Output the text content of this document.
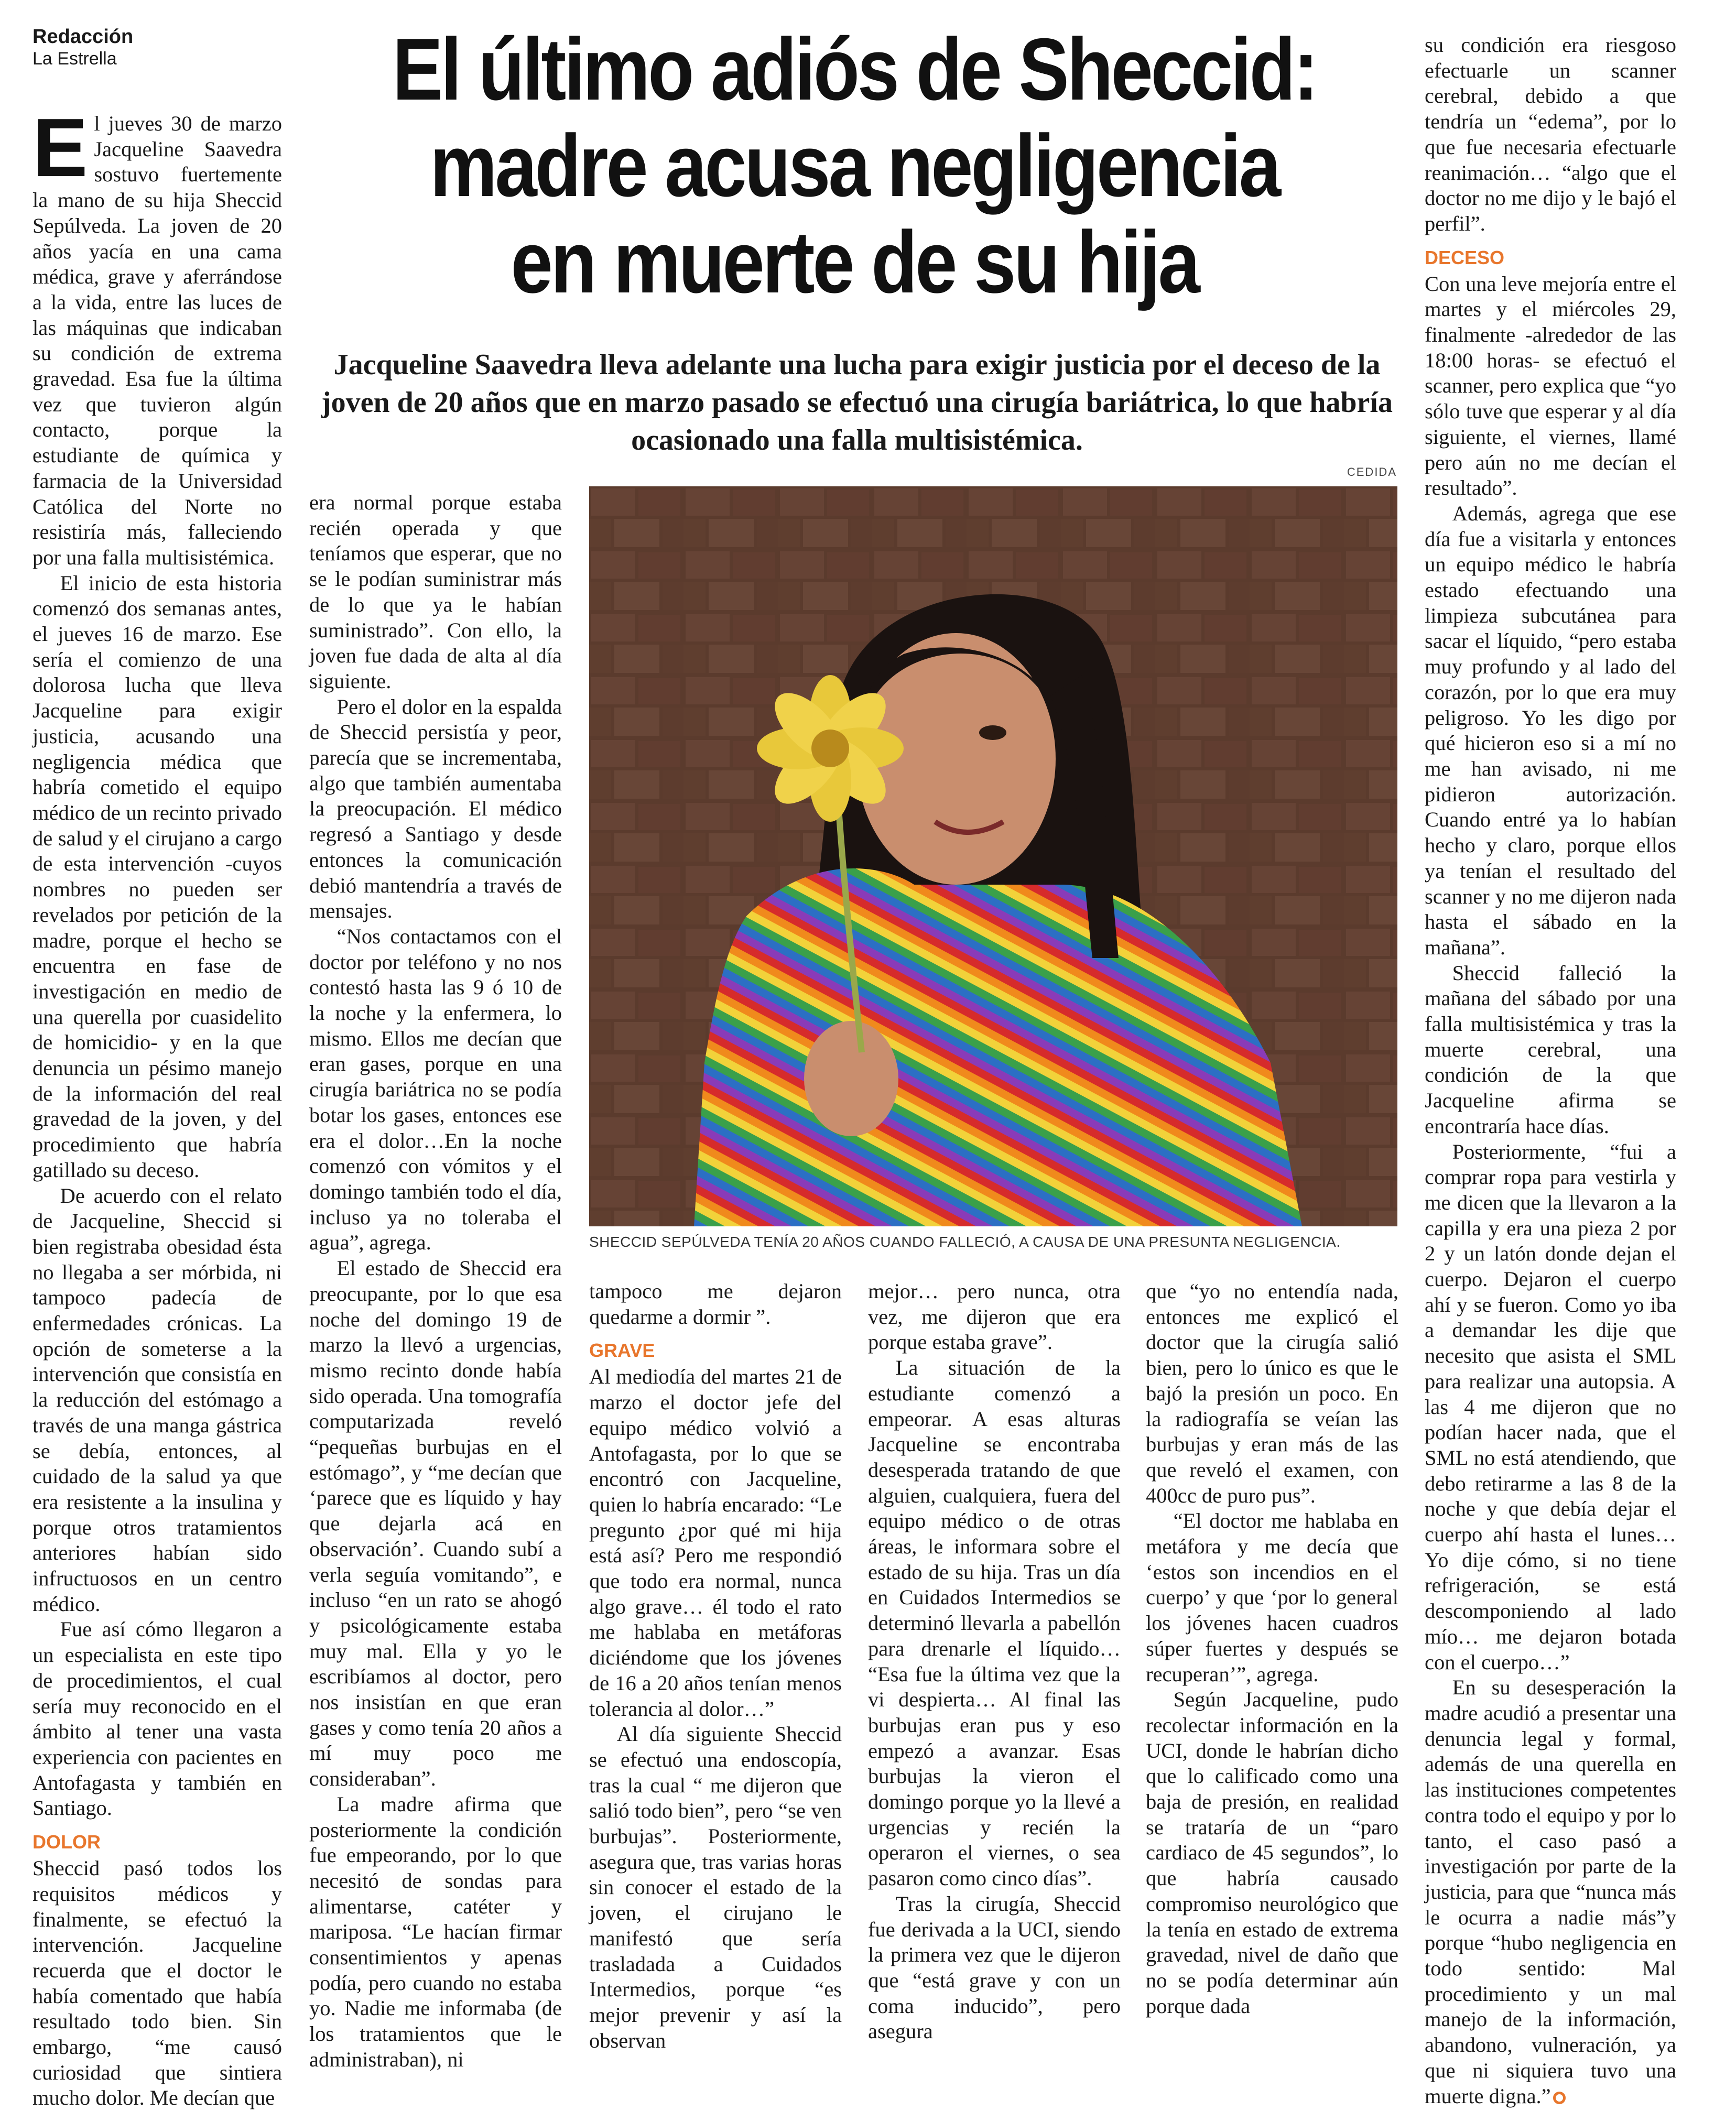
Redacción
La Estrella	El último adiós de Sheccid:
madre acusa negligencia
en muerte de su hija

Jacqueline Saavedra lleva adelante una lucha para exigir justicia por el deceso de la joven de 20 años que en marzo pasado se efectuó una cirugía bariátrica, lo que habría ocasionado una falla multisistémica.

CEDIDA
SHECCID SEPÚLVEDA TENÍA 20 AÑOS CUANDO FALLECIÓ, A CAUSA DE UNA PRESUNTA NEGLIGENCIA.

El jueves 30 de marzo Jacqueline Saavedra sostuvo fuertemente la mano de su hija Sheccid Sepúlveda. La joven de 20 años yacía en una cama médica, grave y aferrándose a la vida, entre las luces de las máquinas que indicaban su condición de extrema gravedad. Esa fue la última vez que tuvieron algún contacto, porque la estudiante de química y farmacia de la Universidad Católica del Norte no resistiría más, falleciendo por una falla multisistémica.

El inicio de esta historia comenzó dos semanas antes, el jueves 16 de marzo. Ese sería el comienzo de una dolorosa lucha que lleva Jacqueline para exigir justicia, acusando una negligencia médica que habría cometido el equipo médico de un recinto privado de salud y el cirujano a cargo de esta intervención -cuyos nombres no pueden ser revelados por petición de la madre, porque el hecho se encuentra en fase de investigación en medio de una querella por cuasidelito de homicidio- y en la que denuncia un pésimo manejo de la información del real gravedad de la joven, y del procedimiento que habría gatillado su deceso.

De acuerdo con el relato de Jacqueline, Sheccid si bien registraba obesidad ésta no llegaba a ser mórbida, ni tampoco padecía de enfermedades crónicas. La opción de someterse a la intervención que consistía en la reducción del estómago a través de una manga gástrica se debía, entonces, al cuidado de la salud ya que era resistente a la insulina y porque otros tratamientos anteriores habían sido infructuosos en un centro médico.

Fue así cómo llegaron a un especialista en este tipo de procedimientos, el cual sería muy reconocido en el ámbito al tener una vasta experiencia con pacientes en Antofagasta y también en Santiago.

DOLOR

Sheccid pasó todos los requisitos médicos y finalmente, se efectuó la intervención. Jacqueline recuerda que el doctor le había comentado que había resultado todo bien. Sin embargo, “me causó curiosidad que sintiera mucho dolor. Me decían que

era normal porque estaba recién operada y que teníamos que esperar, que no se le podían suministrar más de lo que ya le habían suministrado”. Con ello, la joven fue dada de alta al día siguiente.

Pero el dolor en la espalda de Sheccid persistía y peor, parecía que se incrementaba, algo que también aumentaba la preocupación. El médico regresó a Santiago y desde entonces la comunicación debió mantendría a través de mensajes.

“Nos contactamos con el doctor por teléfono y no nos contestó hasta las 9 ó 10 de la noche y la enfermera, lo mismo. Ellos me decían que eran gases, porque en una cirugía bariátrica no se podía botar los gases, entonces ese era el dolor…En la noche comenzó con vómitos y el domingo también todo el día, incluso ya no toleraba el agua”, agrega.

El estado de Sheccid era preocupante, por lo que esa noche del domingo 19 de marzo la llevó a urgencias, mismo recinto donde había sido operada. Una tomografía computarizada reveló “pequeñas burbujas en el estómago”, y “me decían que ‘parece que es líquido y hay que dejarla acá en observación’. Cuando subí a verla seguía vomitando”, e incluso “en un rato se ahogó y psicológicamente estaba muy mal. Ella y yo le escribíamos al doctor, pero nos insistían en que eran gases y como tenía 20 años a mí muy poco me consideraban”.

La madre afirma que posteriormente la condición fue empeorando, por lo que necesitó de sondas para alimentarse, catéter y mariposa. “Le hacían firmar consentimientos y apenas podía, pero cuando no estaba yo. Nadie me informaba (de los tratamientos que le administraban), ni

tampoco me dejaron quedarme a dormir ”.

GRAVE

Al mediodía del martes 21 de marzo el doctor jefe del equipo médico volvió a Antofagasta, por lo que se encontró con Jacqueline, quien lo habría encarado: “Le pregunto ¿por qué mi hija está así? Pero me respondió que todo era normal, nunca algo grave… él todo el rato me hablaba en metáforas diciéndome que los jóvenes de 16 a 20 años tenían menos tolerancia al dolor…”

Al día siguiente Sheccid se efectuó una endoscopía, tras la cual “ me dijeron que salió todo bien”, pero “se ven burbujas”. Posteriormente, asegura que, tras varias horas sin conocer el estado de la joven, el cirujano le manifestó que sería trasladada a Cuidados Intermedios, porque “es mejor prevenir y así la observan

mejor… pero nunca, otra vez, me dijeron que era porque estaba grave”.

La situación de la estudiante comenzó a empeorar. A esas alturas Jacqueline se encontraba desesperada tratando de que alguien, cualquiera, fuera del equipo médico o de otras áreas, le informara sobre el estado de su hija. Tras un día en Cuidados Intermedios se determinó llevarla a pabellón para drenarle el líquido… “Esa fue la última vez que la vi despierta… Al final las burbujas eran pus y eso empezó a avanzar. Esas burbujas la vieron el domingo porque yo la llevé a urgencias y recién la operaron el viernes, o sea pasaron como cinco días”.

Tras la cirugía, Sheccid fue derivada a la UCI, siendo la primera vez que le dijeron que “está grave y con un coma inducido”, pero asegura

que “yo no entendía nada, entonces me explicó el doctor que la cirugía salió bien, pero lo único es que le bajó la presión un poco. En la radiografía se veían las burbujas y eran más de las que reveló el examen, con 400cc de puro pus”.

“El doctor me hablaba en metáfora y me decía que ‘estos son incendios en el cuerpo’ y que ‘por lo general los jóvenes hacen cuadros súper fuertes y después se recuperan’”, agrega.

Según Jacqueline, pudo recolectar información en la UCI, donde le habrían dicho que lo calificado como una baja de presión, en realidad se trataría de un “paro cardiaco de 45 segundos”, lo que habría causado compromiso neurológico que la tenía en estado de extrema gravedad, nivel de daño que no se podía determinar aún porque dada

su condición era riesgoso efectuarle un scanner cerebral, debido a que tendría un “edema”, por lo que fue necesaria efectuarle reanimación… “algo que el doctor no me dijo y le bajó el perfil”.

DECESO

Con una leve mejoría entre el martes y el miércoles 29, finalmente -alrededor de las 18:00 horas- se efectuó el scanner, pero explica que “yo sólo tuve que esperar y al día siguiente, el viernes, llamé pero aún no me decían el resultado”.

Además, agrega que ese día fue a visitarla y entonces un equipo médico le habría estado efectuando una limpieza subcutánea para sacar el líquido, “pero estaba muy profundo y al lado del corazón, por lo que era muy peligroso. Yo les digo por qué hicieron eso si a mí no me han avisado, ni me pidieron autorización. Cuando entré ya lo habían hecho y claro, porque ellos ya tenían el resultado del scanner y no me dijeron nada hasta el sábado en la mañana”.

Sheccid falleció la mañana del sábado por una falla multisistémica y tras la muerte cerebral, una condición de la que Jacqueline afirma se encontraría hace días.

Posteriormente, “fui a comprar ropa para vestirla y me dicen que la llevaron a la capilla y era una pieza 2 por 2 y un latón donde dejan el cuerpo. Dejaron el cuerpo ahí y se fueron. Como yo iba a demandar les dije que necesito que asista el SML para realizar una autopsia. A las 4 me dijeron que no podían hacer nada, que el SML no está atendiendo, que debo retirarme a las 8 de la noche y que debía dejar el cuerpo ahí hasta el lunes… Yo dije cómo, si no tiene refrigeración, se está descomponiendo al lado mío… me dejaron botada con el cuerpo…”

En su desesperación la madre acudió a presentar una denuncia legal y formal, además de una querella en las instituciones competentes contra todo el equipo y por lo tanto, el caso pasó a investigación por parte de la justicia, para que “nunca más le ocurra a nadie más”y porque “hubo negligencia en todo sentido: Mal procedimiento y un mal manejo de la información, abandono, vulneración, ya que ni siquiera tuvo una muerte digna.”
